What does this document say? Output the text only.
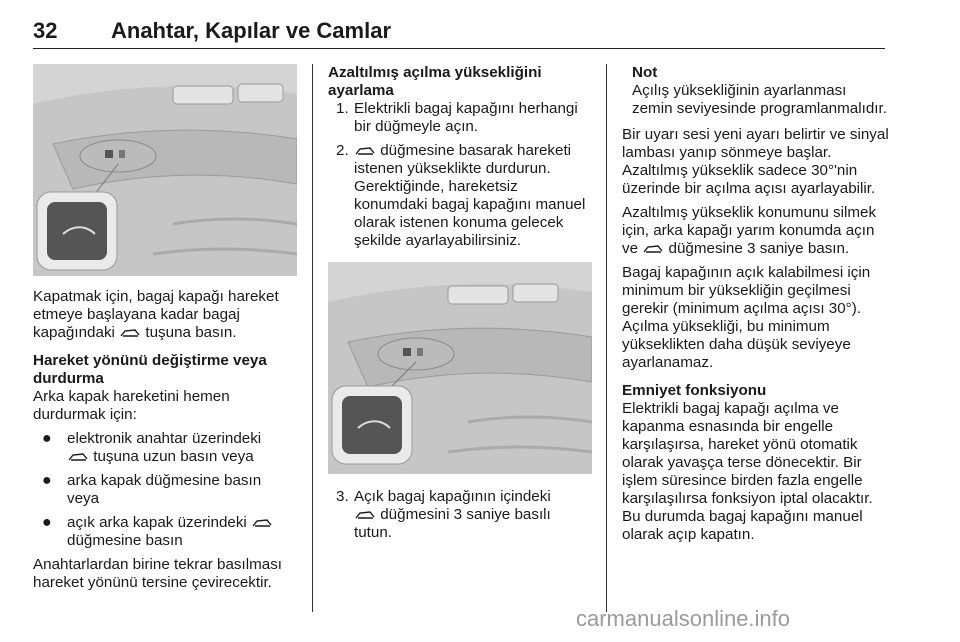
32 Anahtar, Kapılar ve Camlar

Kapatmak için, bagaj kapağı hareket etmeye başlayana kadar bagaj kapağındaki tuşuna basın.

Hareket yönünü değiştirme veya durdurma

Arka kapak hareketini hemen durdurmak için:

● elektronik anahtar üzerindeki
tuşuna uzun basın veya
● arka kapak düğmesine basın veya
● açık arka kapak üzerindeki
düğmesine basın

Anahtarlardan birine tekrar basılması hareket yönünü tersine çevirecektir.

Azaltılmış açılma yüksekliğini ayarlama

1. Elektrikli bagaj kapağını herhangi bir düğmeyle açın.
2. düğmesine basarak hareketi istenen yükseklikte durdurun. Gerektiğinde, hareketsiz konumdaki bagaj kapağını manuel olarak istenen konuma gelecek şekilde ayarlayabilirsiniz.
3. Açık bagaj kapağının içindeki
düğmesini 3 saniye basılı tutun.

Not

Açılış yüksekliğinin ayarlanması zemin seviyesinde programlanmalıdır.

Bir uyarı sesi yeni ayarı belirtir ve sinyal lambası yanıp sönmeye başlar. Azaltılmış yükseklik sadece 30°'nin üzerinde bir açılma açısı ayarlayabilir.

Azaltılmış yükseklik konumunu silmek için, arka kapağı yarım konumda açın ve düğmesine 3 saniye basın.

Bagaj kapağının açık kalabilmesi için minimum bir yüksekliğin geçilmesi gerekir (minimum açılma açısı 30°). Açılma yüksekliği, bu minimum yükseklikten daha düşük seviyeye ayarlanamaz.

Emniyet fonksiyonu

Elektrikli bagaj kapağı açılma ve kapanma esnasında bir engelle karşılaşırsa, hareket yönü otomatik olarak yavaşça terse dönecektir. Bir işlem süresince birden fazla engelle karşılaşılırsa fonksiyon iptal olacaktır. Bu durumda bagaj kapağını manuel olarak açıp kapatın.

carmanualsonline.info
